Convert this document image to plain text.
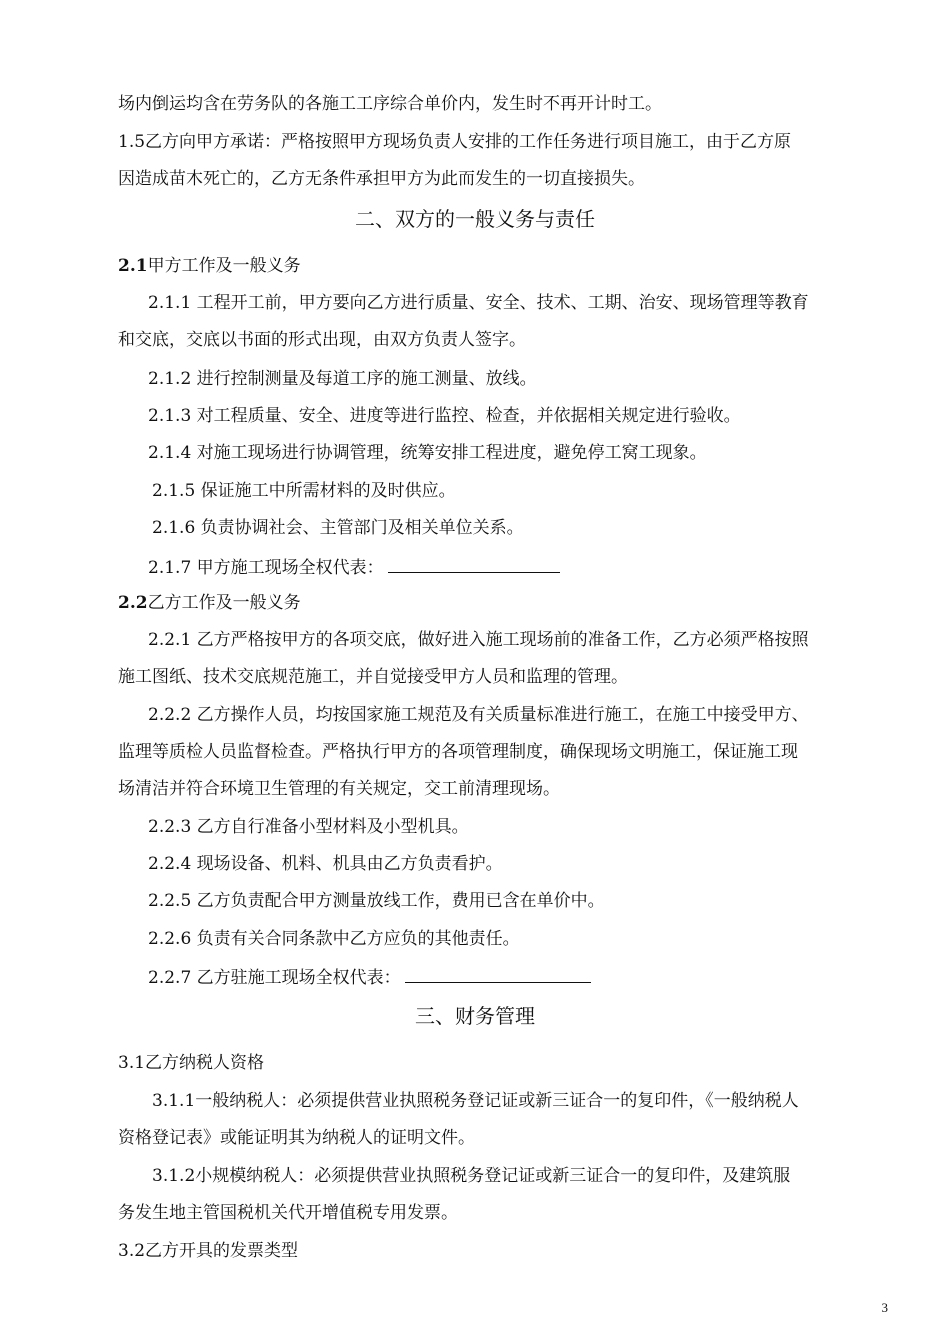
场内倒运均含在劳务队的各施工工序综合单价内，发生时不再开计时工。
1.5乙方向甲方承诺：严格按照甲方现场负责人安排的工作任务进行项目施工，由于乙方原
因造成苗木死亡的，乙方无条件承担甲方为此而发生的一切直接损失。
二、双方的一般义务与责任
2.1甲方工作及一般义务
2.1.1 工程开工前，甲方要向乙方进行质量、安全、技术、工期、治安、现场管理等教育
和交底，交底以书面的形式出现，由双方负责人签字。
2.1.2 进行控制测量及每道工序的施工测量、放线。
2.1.3 对工程质量、安全、进度等进行监控、检查，并依据相关规定进行验收。
2.1.4 对施工现场进行协调管理，统筹安排工程进度，避免停工窝工现象。
2.1.5 保证施工中所需材料的及时供应。
2.1.6 负责协调社会、主管部门及相关单位关系。
2.1.7 甲方施工现场全权代表：
2.2乙方工作及一般义务
2.2.1 乙方严格按甲方的各项交底，做好进入施工现场前的准备工作，乙方必须严格按照
施工图纸、技术交底规范施工，并自觉接受甲方人员和监理的管理。
2.2.2 乙方操作人员，均按国家施工规范及有关质量标准进行施工，在施工中接受甲方、
监理等质检人员监督检查。严格执行甲方的各项管理制度，确保现场文明施工，保证施工现
场清洁并符合环境卫生管理的有关规定，交工前清理现场。
2.2.3 乙方自行准备小型材料及小型机具。
2.2.4 现场设备、机料、机具由乙方负责看护。
2.2.5 乙方负责配合甲方测量放线工作，费用已含在单价中。
2.2.6 负责有关合同条款中乙方应负的其他责任。
2.2.7 乙方驻施工现场全权代表：
三、财务管理
3.1乙方纳税人资格
3.1.1一般纳税人：必须提供营业执照税务登记证或新三证合一的复印件，《一般纳税人
资格登记表》或能证明其为纳税人的证明文件。
3.1.2小规模纳税人：必须提供营业执照税务登记证或新三证合一的复印件，及建筑服
务发生地主管国税机关代开增值税专用发票。
3.2乙方开具的发票类型
3
